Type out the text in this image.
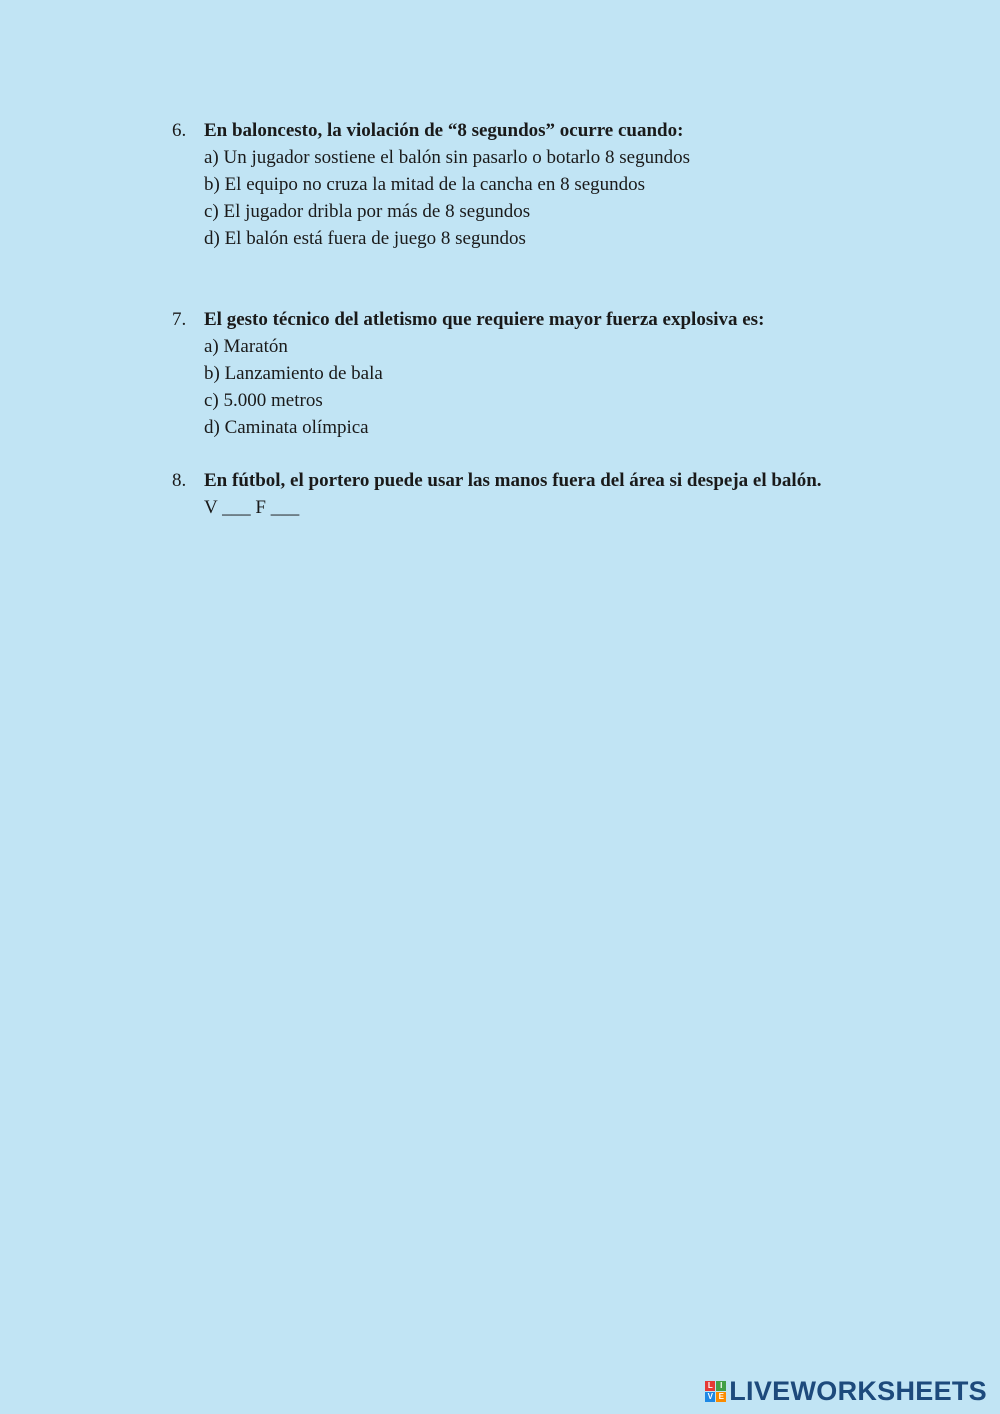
6. En baloncesto, la violación de “8 segundos” ocurre cuando:
a) Un jugador sostiene el balón sin pasarlo o botarlo 8 segundos
b) El equipo no cruza la mitad de la cancha en 8 segundos
c) El jugador dribla por más de 8 segundos
d) El balón está fuera de juego 8 segundos
7. El gesto técnico del atletismo que requiere mayor fuerza explosiva es:
a) Maratón
b) Lanzamiento de bala
c) 5.000 metros
d) Caminata olímpica
8. En fútbol, el portero puede usar las manos fuera del área si despeja el balón.
V ___ F ___
L I
V E LIVEWORKSHEETS
